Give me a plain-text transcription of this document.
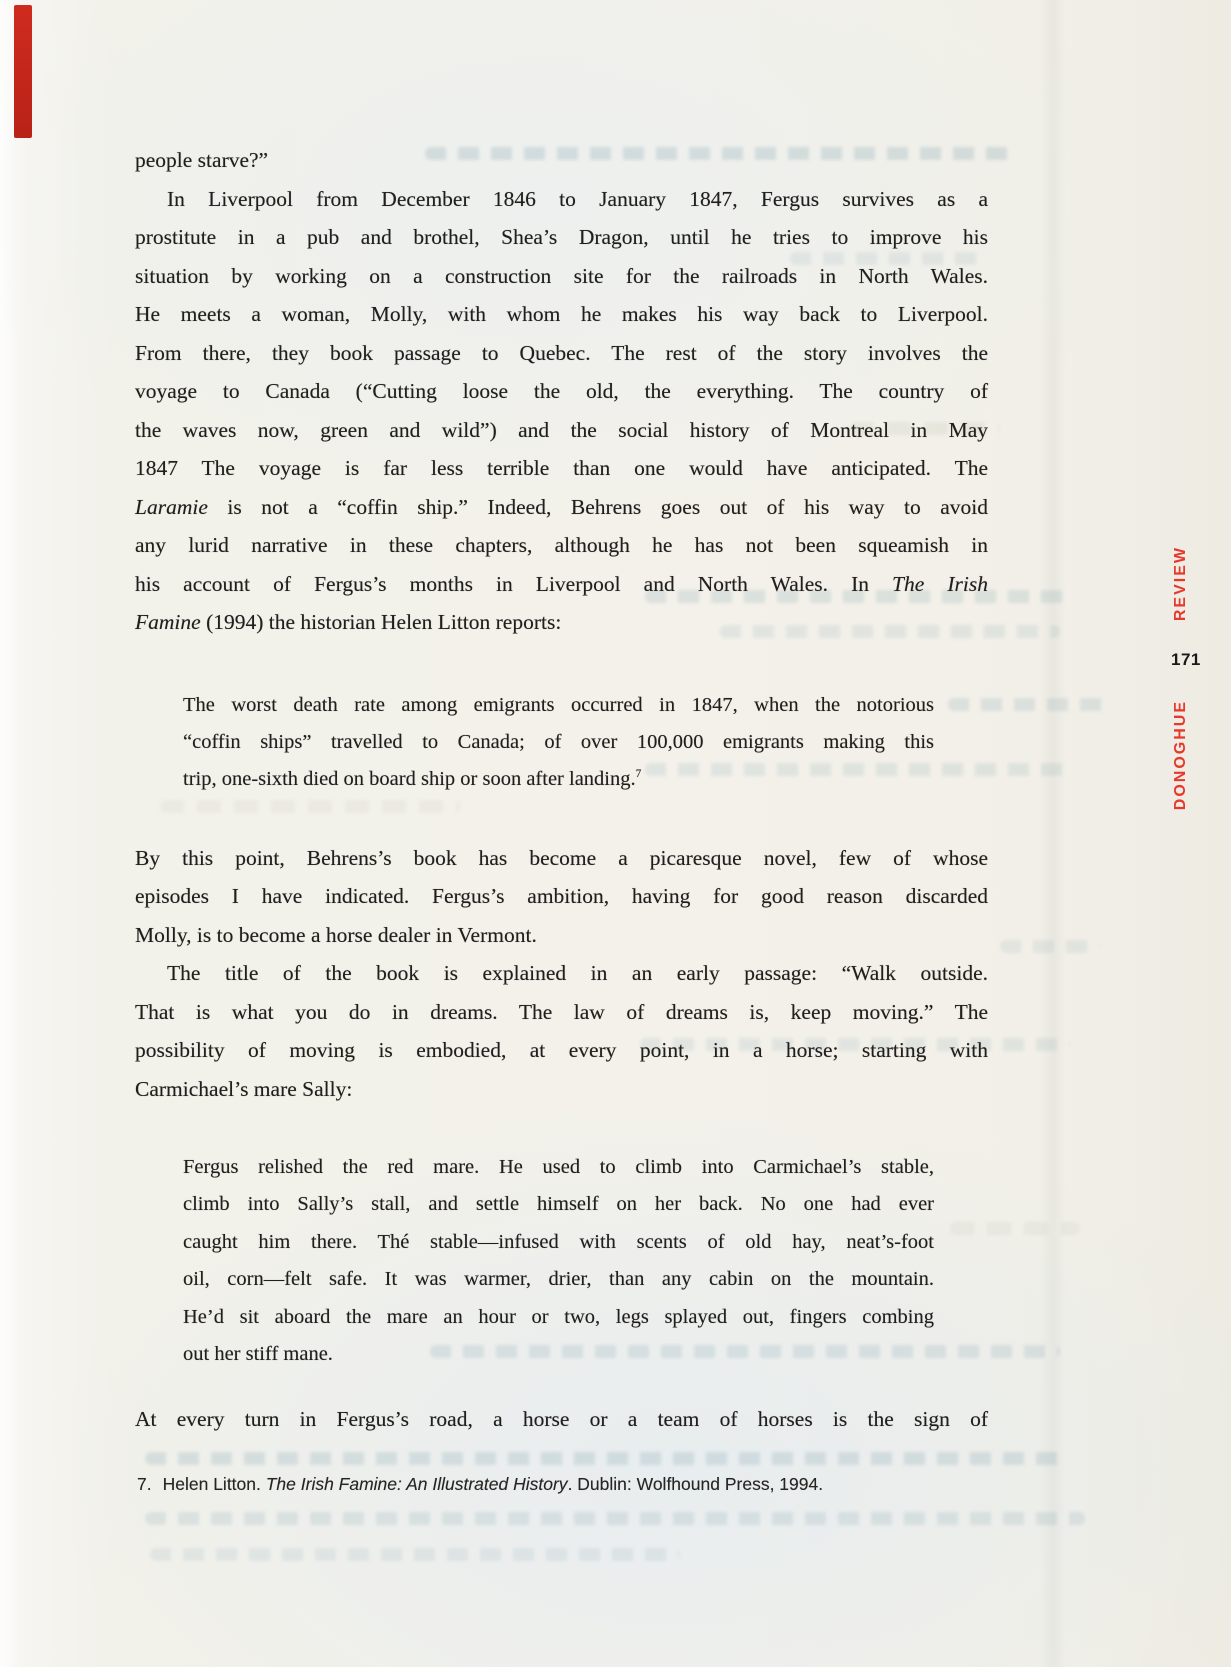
people starve?”
In Liverpool from December 1846 to January 1847, Fergus survives as a
prostitute in a pub and brothel, Shea’s Dragon, until he tries to improve his
situation by working on a construction site for the railroads in North Wales.
He meets a woman, Molly, with whom he makes his way back to Liverpool.
From there, they book passage to Quebec. The rest of the story involves the
voyage to Canada (“Cutting loose the old, the everything. The country of
the waves now, green and wild”) and the social history of Montreal in May
1847 The voyage is far less terrible than one would have anticipated. The
Laramie is not a “coffin ship.” Indeed, Behrens goes out of his way to avoid
any lurid narrative in these chapters, although he has not been squeamish in
his account of Fergus’s months in Liverpool and North Wales. In The Irish
Famine (1994) the historian Helen Litton reports:
The worst death rate among emigrants occurred in 1847, when the notorious
“coffin ships” travelled to Canada; of over 100,000 emigrants making this
trip, one-sixth died on board ship or soon after landing.$^7$
By this point, Behrens’s book has become a picaresque novel, few of whose
episodes I have indicated. Fergus’s ambition, having for good reason discarded
Molly, is to become a horse dealer in Vermont.
The title of the book is explained in an early passage: “Walk outside.
That is what you do in dreams. The law of dreams is, keep moving.” The
possibility of moving is embodied, at every point, in a horse; starting with
Carmichael’s mare Sally:
Fergus relished the red mare. He used to climb into Carmichael’s stable,
climb into Sally’s stall, and settle himself on her back. No one had ever
caught him there. Thé stable—infused with scents of old hay, neat’s-foot
oil, corn—felt safe. It was warmer, drier, than any cabin on the mountain.
He’d sit aboard the mare an hour or two, legs splayed out, fingers combing
out her stiff mane.
At every turn in Fergus’s road, a horse or a team of horses is the sign of
7. Helen Litton. The Irish Famine: An Illustrated History. Dublin: Wolfhound Press, 1994.
REVIEW
171
DONOGHUE
